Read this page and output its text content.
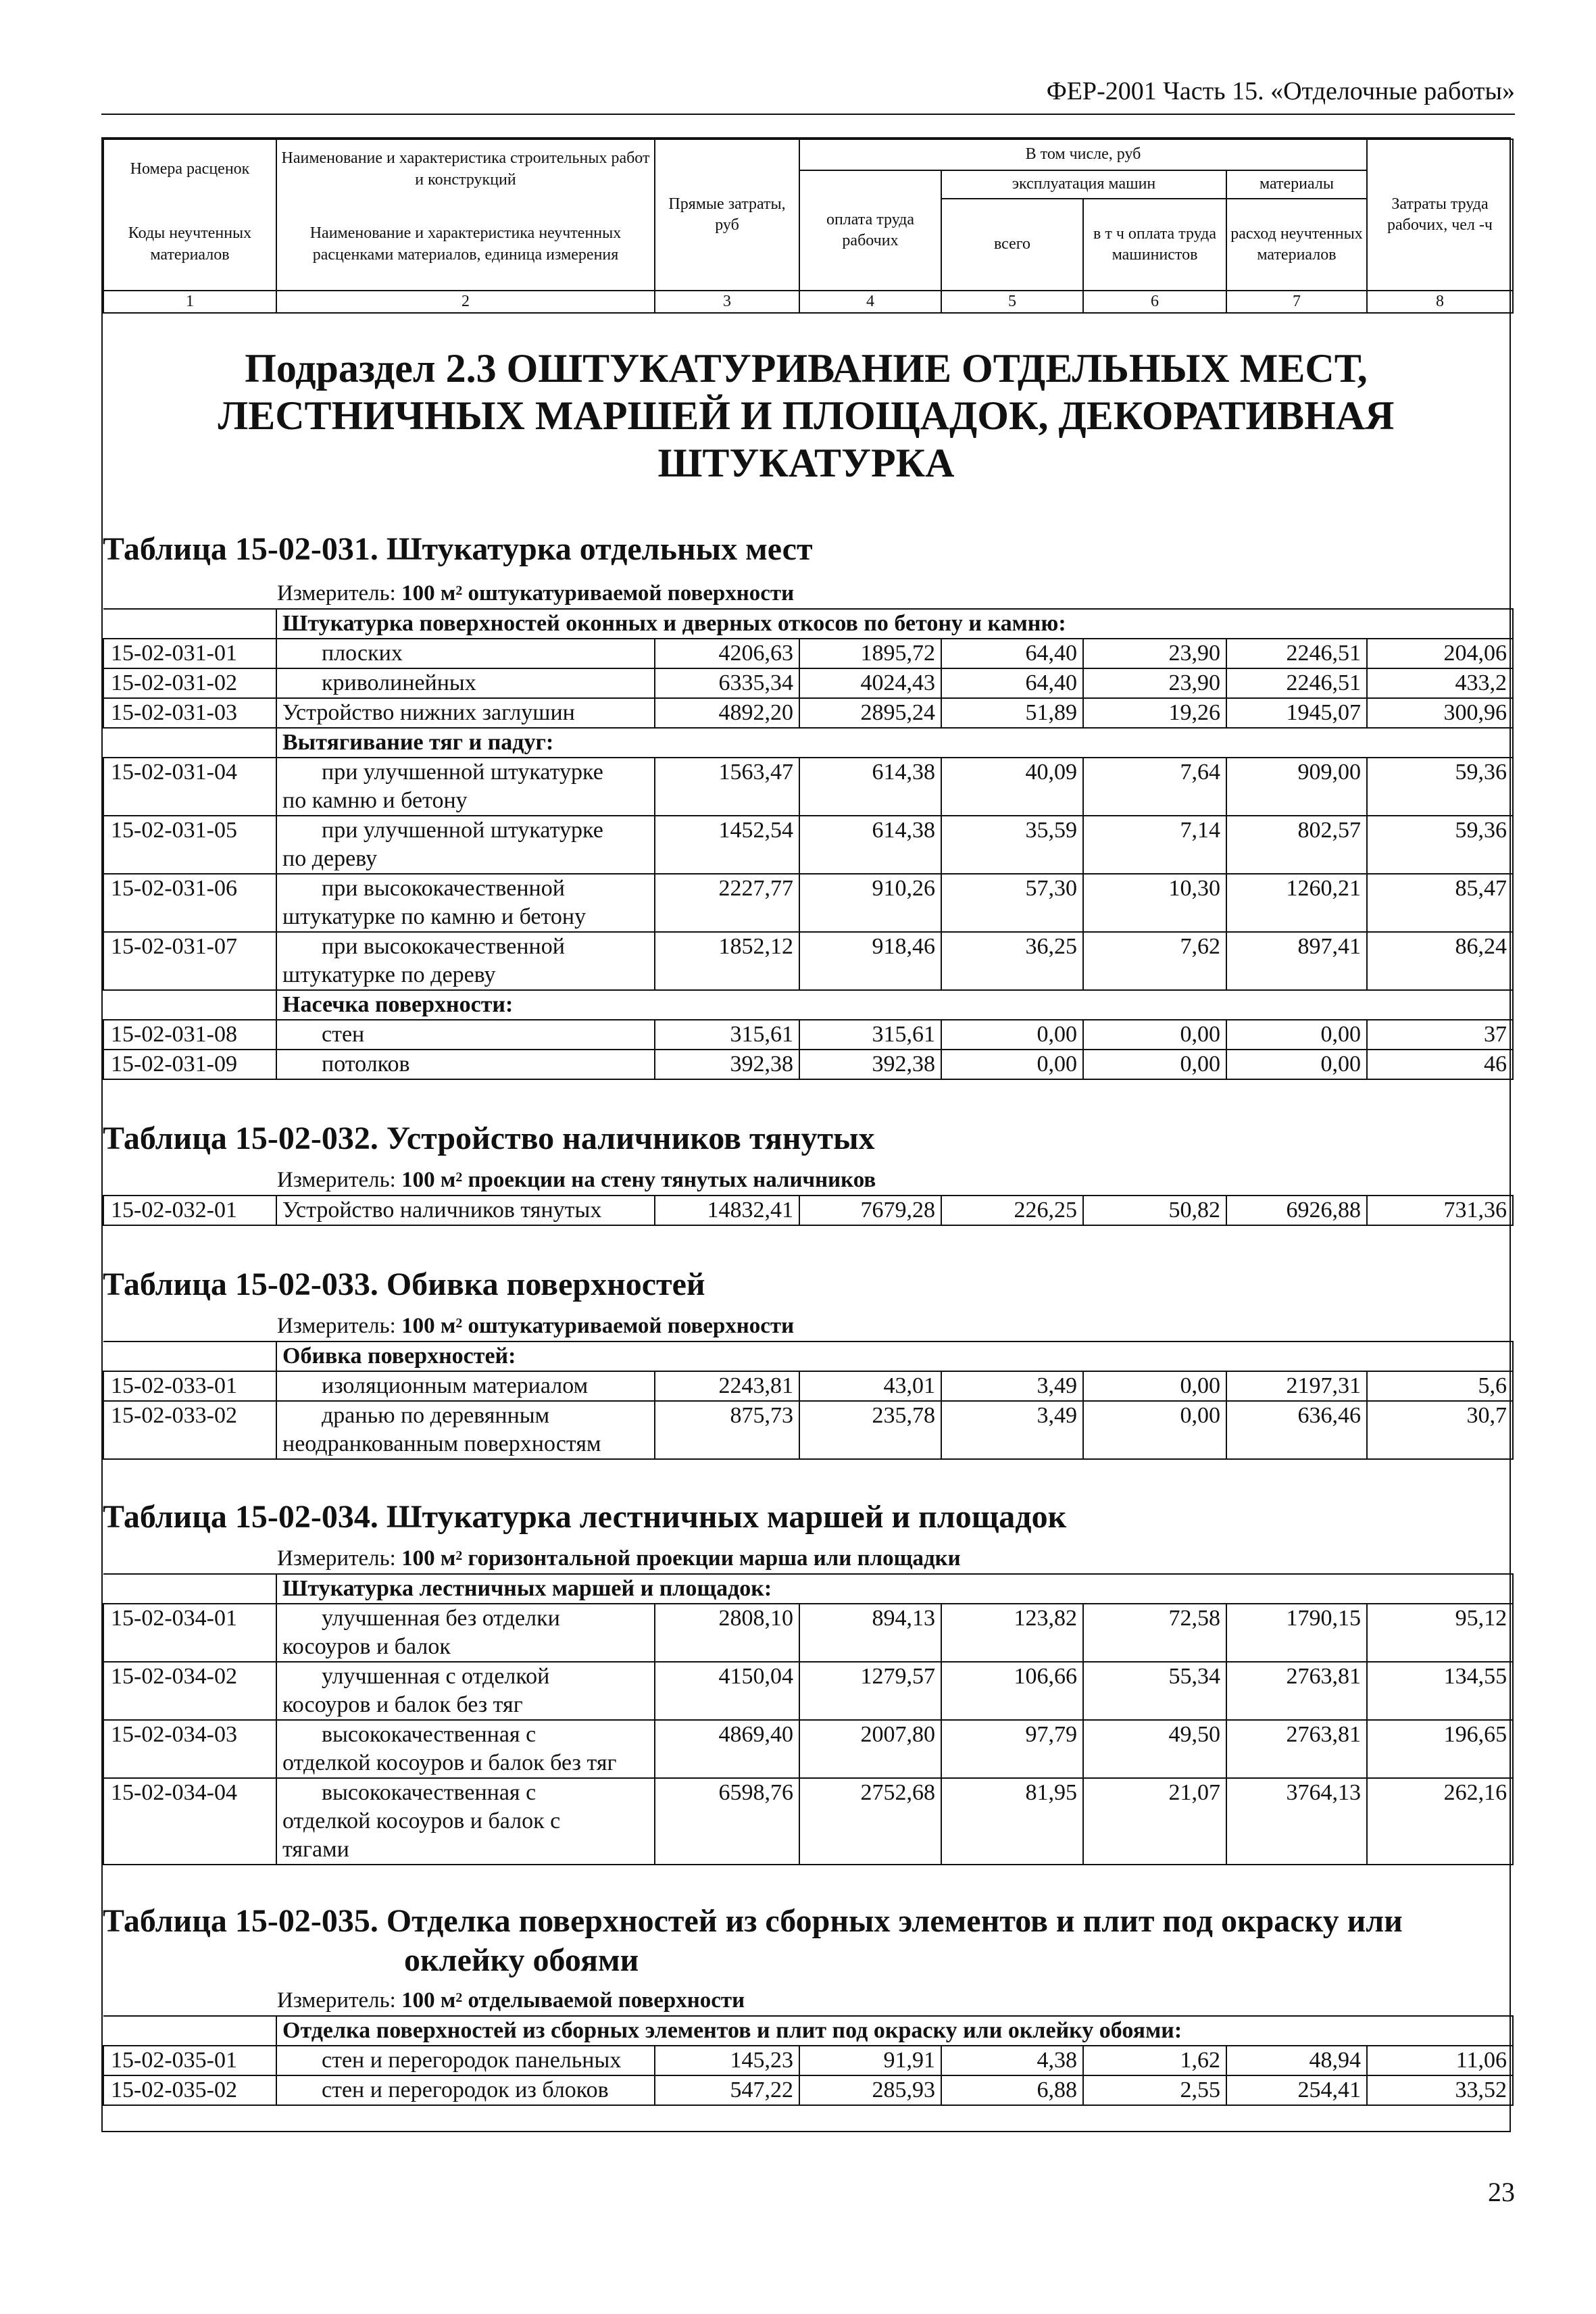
ФЕР-2001 Часть 15. «Отделочные работы»
Номера расценок	Наименование и характеристика строительных работ и конструкций	Прямые затраты, руб	В том числе, руб				Затраты труда рабочих, чел -ч
			оплата труда рабочих	эксплуатация машин		материалы	
Коды неучтенных материалов	Наименование и характеристика неучтенных расценками материалов, единица измерения			всего	в т ч оплата труда машинистов	расход неучтенных материалов	

1	2	3	4	5	6	7	8
Подраздел 2.3 ОШТУКАТУРИВАНИЕ ОТДЕЛЬНЫХ МЕСТ,
ЛЕСТНИЧНЫХ МАРШЕЙ И ПЛОЩАДОК, ДЕКОРАТИВНАЯ
ШТУКАТУРКА
Таблица 15-02-031. Штукатурка отдельных мест
Измеритель: 100 $м^2$ оштукатуриваемой поверхности
	Штукатурка поверхностей оконных и дверных откосов по бетону и камню:						
15-02-031-01	плоских	4206,63	1895,72	64,40	23,90	2246,51	204,06
15-02-031-02	криволинейных	6335,34	4024,43	64,40	23,90	2246,51	433,2
15-02-031-03	Устройство нижних заглушин	4892,20	2895,24	51,89	19,26	1945,07	300,96
	Вытягивание тяг и падуг:						
15-02-031-04	при улучшенной штукатурке
по камню и бетону	1563,47	614,38	40,09	7,64	909,00	59,36
15-02-031-05	при улучшенной штукатурке
по дереву	1452,54	614,38	35,59	7,14	802,57	59,36
15-02-031-06	при высококачественной
штукатурке по камню и бетону	2227,77	910,26	57,30	10,30	1260,21	85,47
15-02-031-07	при высококачественной
штукатурке по дереву	1852,12	918,46	36,25	7,62	897,41	86,24
	Насечка поверхности:						
15-02-031-08	стен	315,61	315,61	0,00	0,00	0,00	37
15-02-031-09	потолков	392,38	392,38	0,00	0,00	0,00	46
Таблица 15-02-032. Устройство наличников тянутых
Измеритель: 100 $м^2$ проекции на стену тянутых наличников
15-02-032-01	Устройство наличников тянутых	14832,41	7679,28	226,25	50,82	6926,88	731,36
Таблица 15-02-033. Обивка поверхностей
Измеритель: 100 $м^2$ оштукатуриваемой поверхности
	Обивка поверхностей:						
15-02-033-01	изоляционным материалом	2243,81	43,01	3,49	0,00	2197,31	5,6
15-02-033-02	дранью по деревянным
неодранкованным поверхностям	875,73	235,78	3,49	0,00	636,46	30,7
Таблица 15-02-034. Штукатурка лестничных маршей и площадок
Измеритель: 100 $м^2$ горизонтальной проекции марша или площадки
	Штукатурка лестничных маршей и площадок:						
15-02-034-01	улучшенная без отделки
косоуров и балок	2808,10	894,13	123,82	72,58	1790,15	95,12
15-02-034-02	улучшенная с отделкой
косоуров и балок без тяг	4150,04	1279,57	106,66	55,34	2763,81	134,55
15-02-034-03	высококачественная с
отделкой косоуров и балок без тяг	4869,40	2007,80	97,79	49,50	2763,81	196,65
15-02-034-04	высококачественная с
отделкой косоуров и балок с
тягами	6598,76	2752,68	81,95	21,07	3764,13	262,16
Таблица 15-02-035. Отделка поверхностей из сборных элементов и плит под окраску или
оклейку обоями
Измеритель: 100 $м^2$ отделываемой поверхности
	Отделка поверхностей из сборных элементов и плит под окраску или оклейку обоями:						
15-02-035-01	стен и перегородок панельных	145,23	91,91	4,38	1,62	48,94	11,06
15-02-035-02	стен и перегородок из блоков	547,22	285,93	6,88	2,55	254,41	33,52
23
